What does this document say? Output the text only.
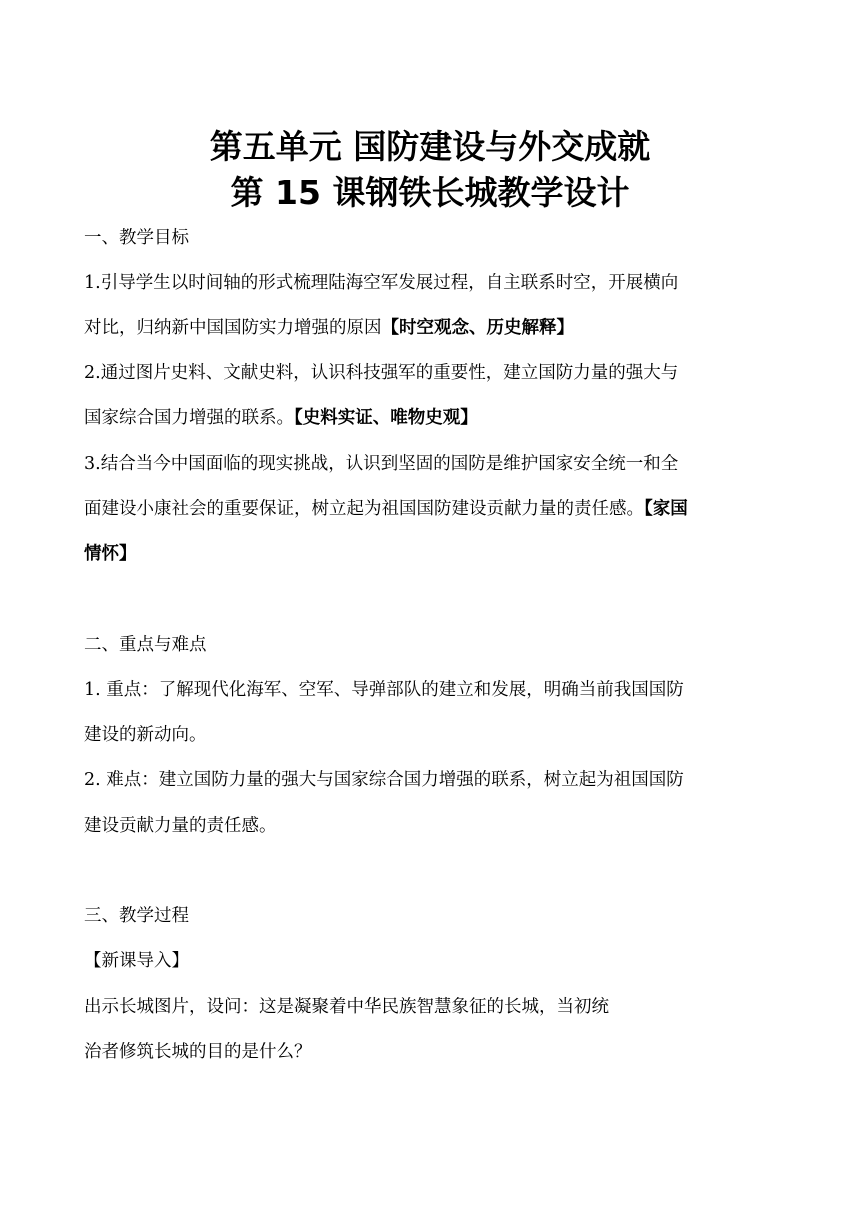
第五单元 国防建设与外交成就
第 15 课钢铁长城教学设计
一、教学目标
1.引导学生以时间轴的形式梳理陆海空军发展过程，自主联系时空，开展横向
对比，归纳新中国国防实力增强的原因【时空观念、历史解释】
2.通过图片史料、文献史料，认识科技强军的重要性，建立国防力量的强大与
国家综合国力增强的联系。【史料实证、唯物史观】
3.结合当今中国面临的现实挑战，认识到坚固的国防是维护国家安全统一和全
面建设小康社会的重要保证，树立起为祖国国防建设贡献力量的责任感。【家国
情怀】
二、重点与难点
1. 重点：了解现代化海军、空军、导弹部队的建立和发展，明确当前我国国防
建设的新动向。
2. 难点：建立国防力量的强大与国家综合国力增强的联系，树立起为祖国国防
建设贡献力量的责任感。
三、教学过程
【新课导入】
出示长城图片，设问：这是凝聚着中华民族智慧象征的长城，当初统
治者修筑长城的目的是什么？
